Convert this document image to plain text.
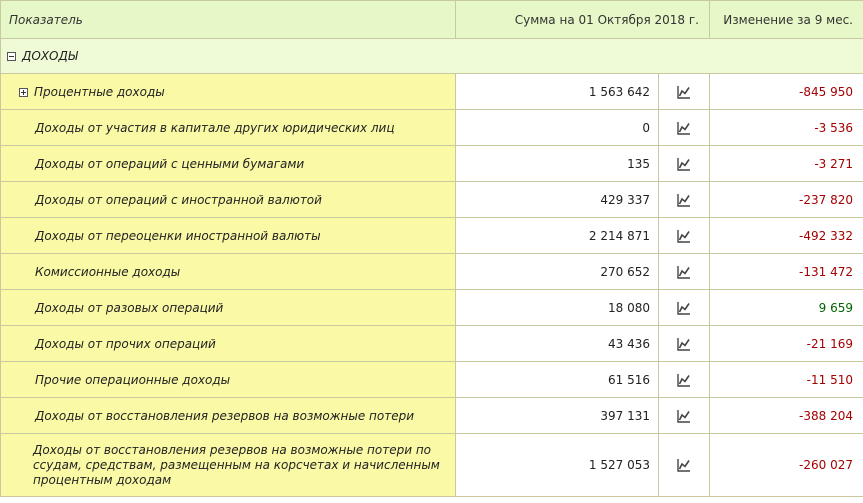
Показатель	Сумма на 01 Октября 2018 г.		Изменение за 9 мес.

ДОХОДЫ			

Процентные доходы	1 563 642		-845 950
Доходы от участия в капитале других юридических лиц	0		-3 536
Доходы от операций с ценными бумагами	135		-3 271
Доходы от операций с иностранной валютой	429 337		-237 820
Доходы от переоценки иностранной валюты	2 214 871		-492 332
Комиссионные доходы	270 652		-131 472
Доходы от разовых операций	18 080		9 659
Доходы от прочих операций	43 436		-21 169
Прочие операционные доходы	61 516		-11 510
Доходы от восстановления резервов на возможные потери	397 131		-388 204
Доходы от восстановления резервов на возможные потери по ссудам, средствам, размещенным на корсчетах и начисленным процентным доходам	1 527 053		-260 027
